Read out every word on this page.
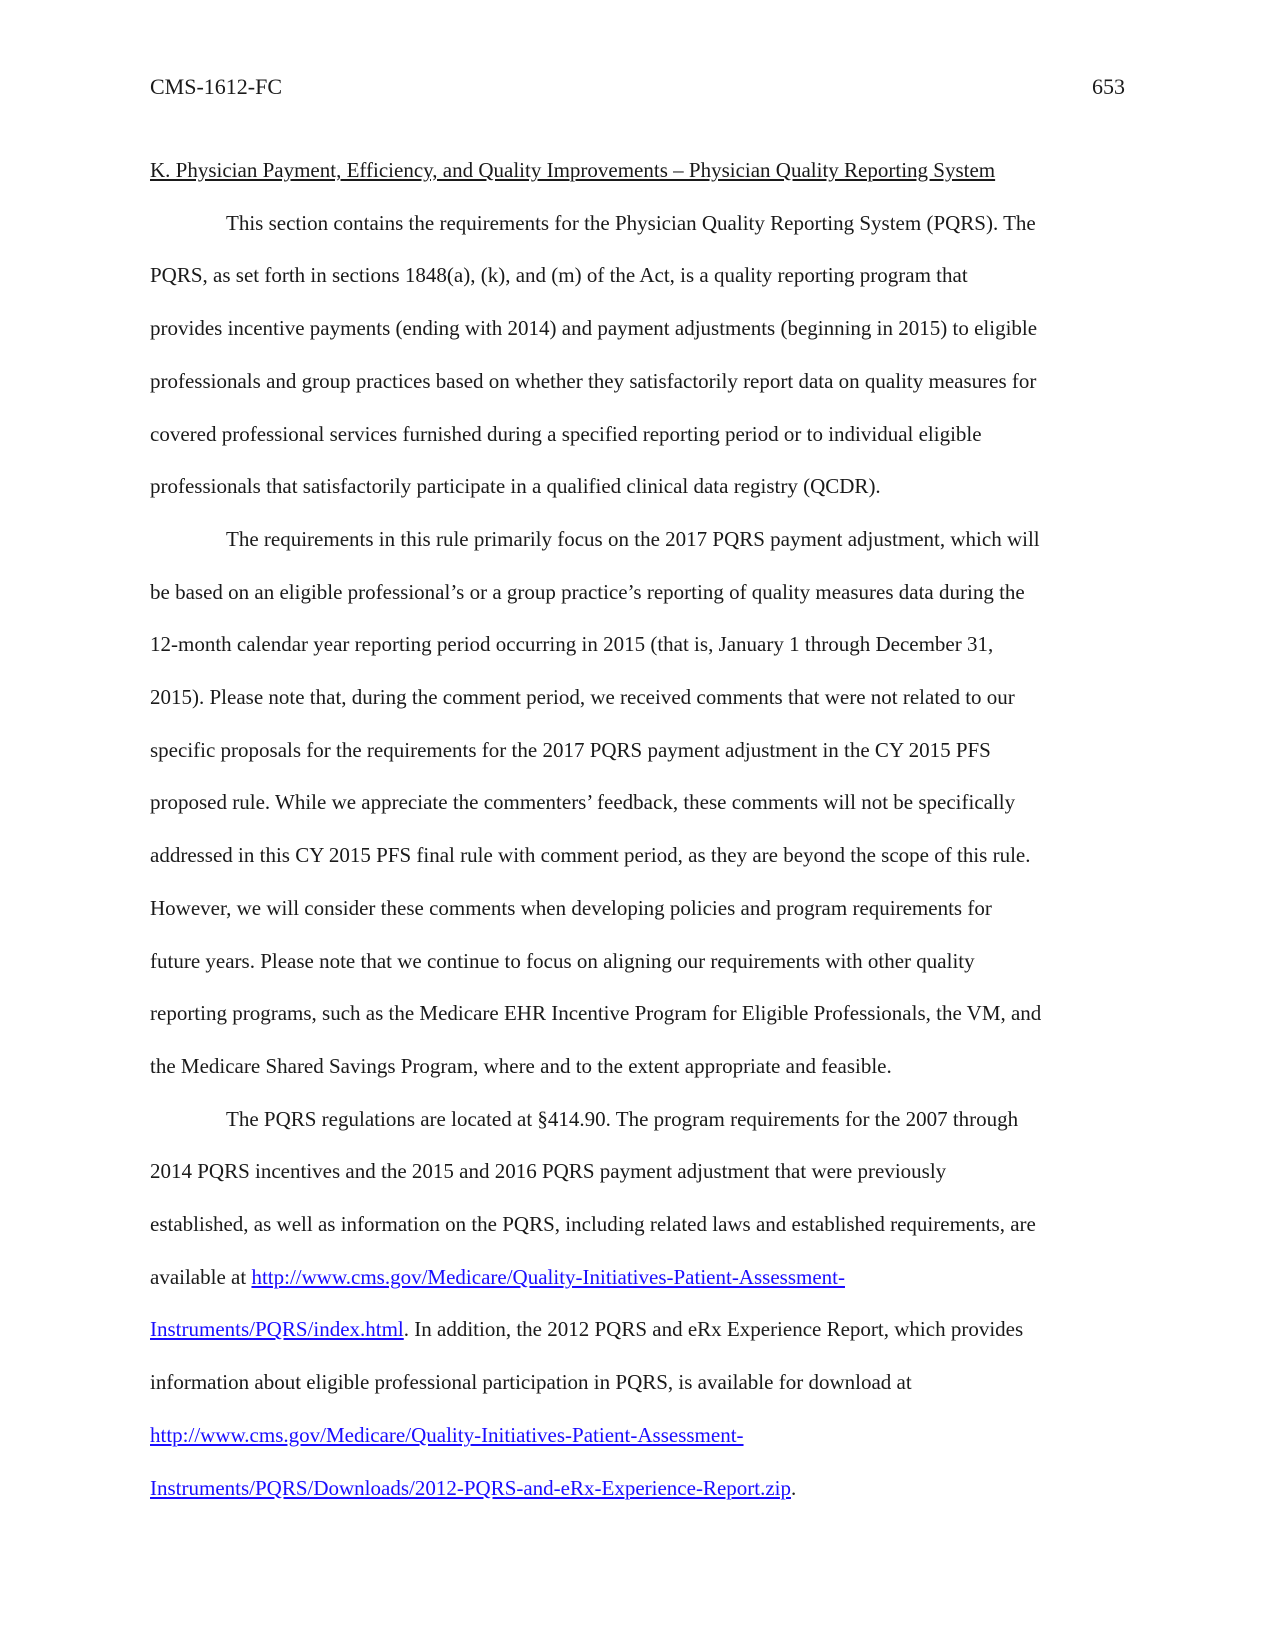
CMS-1612-FC	653
K. Physician Payment, Efficiency, and Quality Improvements – Physician Quality Reporting System
This section contains the requirements for the Physician Quality Reporting System (PQRS). The
PQRS, as set forth in sections 1848(a), (k), and (m) of the Act, is a quality reporting program that
provides incentive payments (ending with 2014) and payment adjustments (beginning in 2015) to eligible
professionals and group practices based on whether they satisfactorily report data on quality measures for
covered professional services furnished during a specified reporting period or to individual eligible
professionals that satisfactorily participate in a qualified clinical data registry (QCDR).
The requirements in this rule primarily focus on the 2017 PQRS payment adjustment, which will
be based on an eligible professional’s or a group practice’s reporting of quality measures data during the
12-month calendar year reporting period occurring in 2015 (that is, January 1 through December 31,
2015). Please note that, during the comment period, we received comments that were not related to our
specific proposals for the requirements for the 2017 PQRS payment adjustment in the CY 2015 PFS
proposed rule. While we appreciate the commenters’ feedback, these comments will not be specifically
addressed in this CY 2015 PFS final rule with comment period, as they are beyond the scope of this rule.
However, we will consider these comments when developing policies and program requirements for
future years. Please note that we continue to focus on aligning our requirements with other quality
reporting programs, such as the Medicare EHR Incentive Program for Eligible Professionals, the VM, and
the Medicare Shared Savings Program, where and to the extent appropriate and feasible.
The PQRS regulations are located at §414.90. The program requirements for the 2007 through
2014 PQRS incentives and the 2015 and 2016 PQRS payment adjustment that were previously
established, as well as information on the PQRS, including related laws and established requirements, are
available at http://www.cms.gov/Medicare/Quality-Initiatives-Patient-Assessment-
Instruments/PQRS/index.html. In addition, the 2012 PQRS and eRx Experience Report, which provides
information about eligible professional participation in PQRS, is available for download at
http://www.cms.gov/Medicare/Quality-Initiatives-Patient-Assessment-
Instruments/PQRS/Downloads/2012-PQRS-and-eRx-Experience-Report.zip.
